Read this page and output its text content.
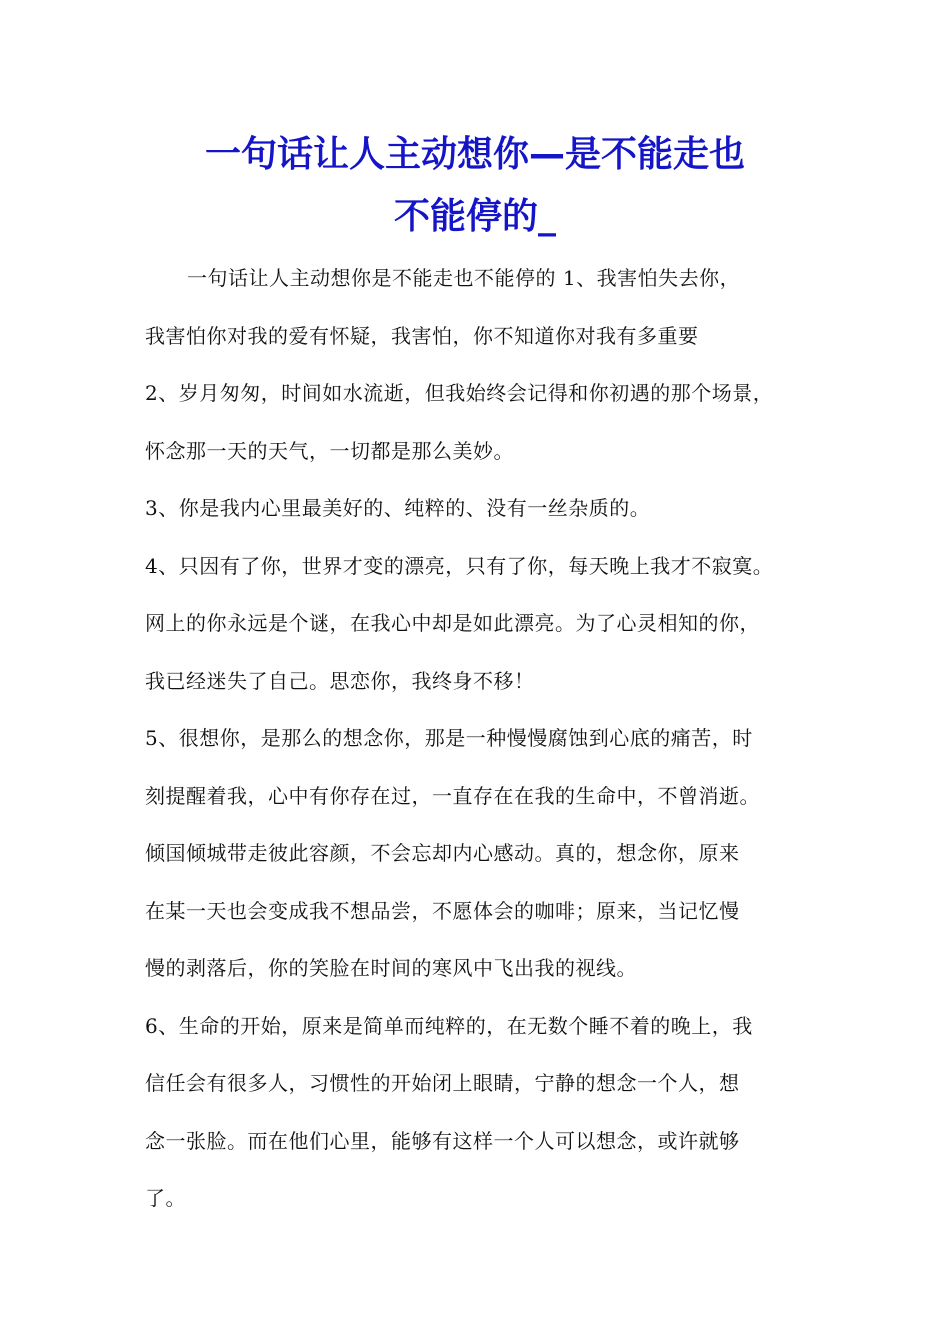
一句话让人主动想你—是不能走也
不能停的_
一句话让人主动想你是不能走也不能停的 1、我害怕失去你，
我害怕你对我的爱有怀疑，我害怕，你不知道你对我有多重要
2、岁月匆匆，时间如水流逝，但我始终会记得和你初遇的那个场景，
怀念那一天的天气，一切都是那么美妙。
3、你是我内心里最美好的、纯粹的、没有一丝杂质的。
4、只因有了你，世界才变的漂亮，只有了你，每天晚上我才不寂寞。
网上的你永远是个谜，在我心中却是如此漂亮。为了心灵相知的你，
我已经迷失了自己。思恋你，我终身不移！
5、很想你，是那么的想念你，那是一种慢慢腐蚀到心底的痛苦，时
刻提醒着我，心中有你存在过，一直存在在我的生命中，不曾消逝。
倾国倾城带走彼此容颜，不会忘却内心感动。真的，想念你，原来
在某一天也会变成我不想品尝，不愿体会的咖啡；原来，当记忆慢
慢的剥落后，你的笑脸在时间的寒风中飞出我的视线。
6、生命的开始，原来是简单而纯粹的，在无数个睡不着的晚上，我
信任会有很多人，习惯性的开始闭上眼睛，宁静的想念一个人，想
念一张脸。而在他们心里，能够有这样一个人可以想念，或许就够
了。
